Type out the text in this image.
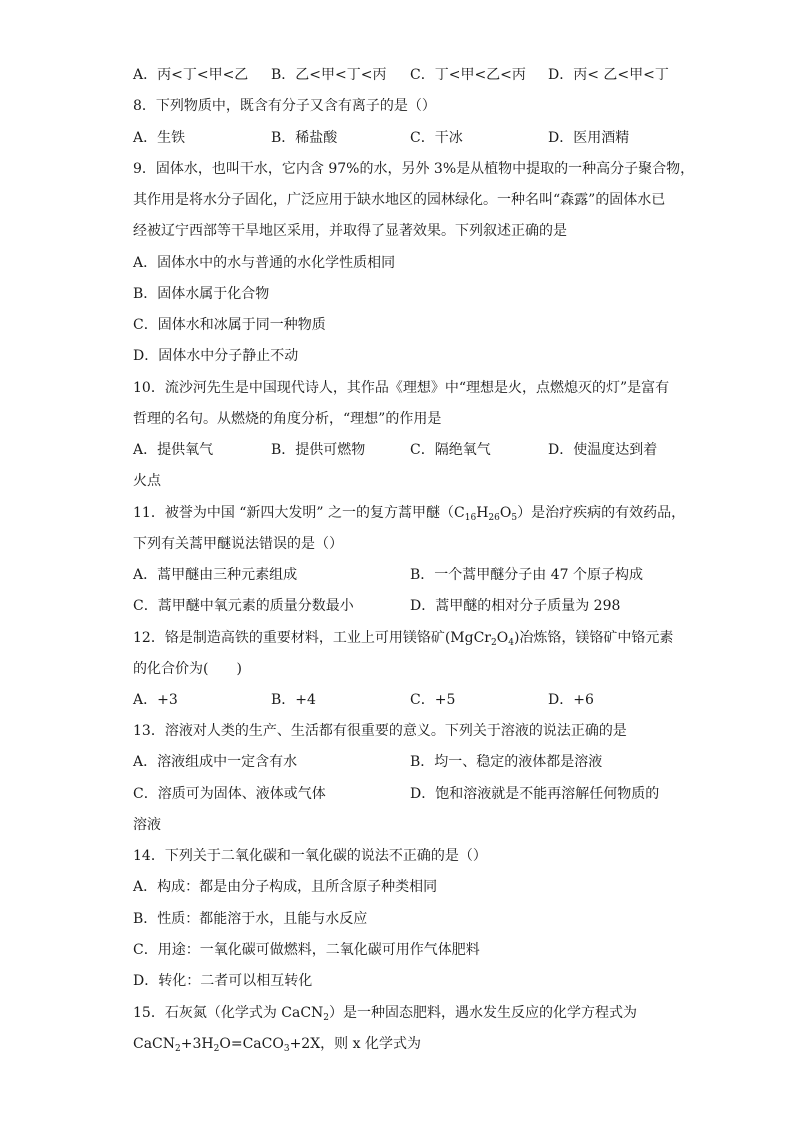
A．丙<丁<甲<乙 B．乙<甲<丁<丙 C．丁<甲<乙<丙 D．丙< 乙<甲<丁
8．下列物质中，既含有分子又含有离子的是（）
A．生铁	B．稀盐酸	C．干冰	D．医用酒精
9．固体水，也叫干水，它内含 97%的水，另外 3%是从植物中提取的一种高分子聚合物，
其作用是将水分子固化，广泛应用于缺水地区的园林绿化。一种名叫“森露”的固体水已
经被辽宁西部等干旱地区采用，并取得了显著效果。下列叙述正确的是
A．固体水中的水与普通的水化学性质相同
B．固体水属于化合物
C．固体水和冰属于同一种物质
D．固体水中分子静止不动
10．流沙河先生是中国现代诗人，其作品《理想》中“理想是火，点燃熄灭的灯”是富有
哲理的名句。从燃烧的角度分析，“理想”的作用是
A．提供氧气	B．提供可燃物	C．隔绝氧气	D．使温度达到着
火点
11．被誉为中国 “新四大发明” 之一的复方蒿甲醚$(C_{16}H_{26}O_5)$是治疗疾病的有效药品，
下列有关蒿甲醚说法错误的是（）
A．蒿甲醚由三种元素组成	B．一个蒿甲醚分子由 47 个原子构成
C．蒿甲醚中氧元素的质量分数最小	D．蒿甲醚的相对分子质量为 298
12．铬是制造高铁的重要材料，工业上可用镁铬矿$(MgCr_2O_4)$冶炼铬，镁铬矿中铬元素
的化合价为(　　)
A．+3	B．+4	C．+5	D．+6
13．溶液对人类的生产、生活都有很重要的意义。下列关于溶液的说法正确的是
A．溶液组成中一定含有水	B．均一、稳定的液体都是溶液
C．溶质可为固体、液体或气体	D．饱和溶液就是不能再溶解任何物质的
溶液
14．下列关于二氧化碳和一氧化碳的说法不正确的是（）
A．构成：都是由分子构成，且所含原子种类相同
B．性质：都能溶于水，且能与水反应
C．用途：一氧化碳可做燃料，二氧化碳可用作气体肥料
D．转化：二者可以相互转化
15．石灰氮（化学式为 CaCN$_2$）是一种固态肥料，遇水发生反应的化学方程式为
$CaCN_2+3H_2O=CaCO_3+2X$，则 x 化学式为
